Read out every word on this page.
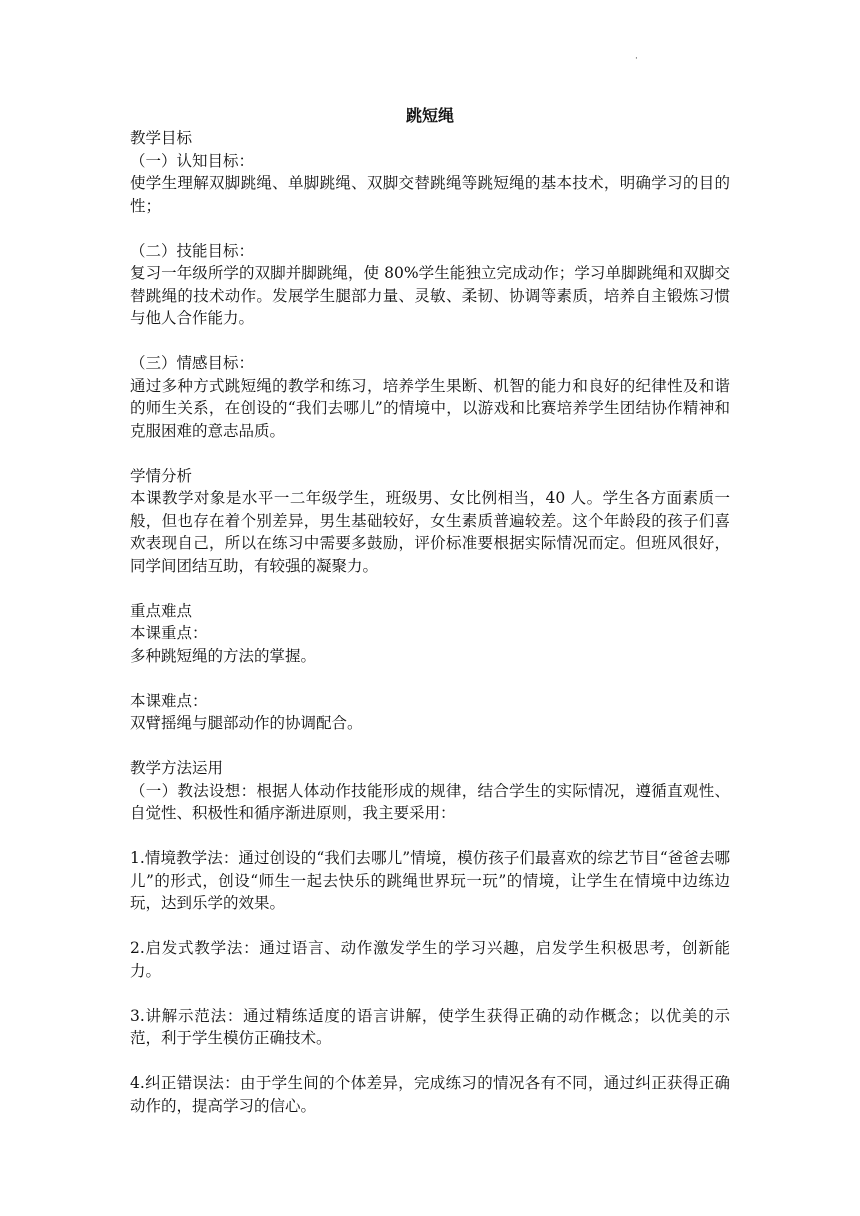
·
跳短绳
教学目标
（一）认知目标：
使学生理解双脚跳绳、单脚跳绳、双脚交替跳绳等跳短绳的基本技术，明确学习的目的性；
（二）技能目标：
复习一年级所学的双脚并脚跳绳，使 80%学生能独立完成动作；学习单脚跳绳和双脚交替跳绳的技术动作。发展学生腿部力量、灵敏、柔韧、协调等素质，培养自主锻炼习惯与他人合作能力。
（三）情感目标：
通过多种方式跳短绳的教学和练习，培养学生果断、机智的能力和良好的纪律性及和谐的师生关系，在创设的“我们去哪儿”的情境中，以游戏和比赛培养学生团结协作精神和克服困难的意志品质。
学情分析
本课教学对象是水平一二年级学生，班级男、女比例相当，40 人。学生各方面素质一般，但也存在着个别差异，男生基础较好，女生素质普遍较差。这个年龄段的孩子们喜欢表现自己，所以在练习中需要多鼓励，评价标准要根据实际情况而定。但班风很好，同学间团结互助，有较强的凝聚力。
重点难点
本课重点：
多种跳短绳的方法的掌握。
本课难点：
双臂摇绳与腿部动作的协调配合。
教学方法运用
（一）教法设想：根据人体动作技能形成的规律，结合学生的实际情况，遵循直观性、自觉性、积极性和循序渐进原则，我主要采用：
1.情境教学法：通过创设的“我们去哪儿”情境，模仿孩子们最喜欢的综艺节目“爸爸去哪儿”的形式，创设“师生一起去快乐的跳绳世界玩一玩”的情境，让学生在情境中边练边玩，达到乐学的效果。
2.启发式教学法：通过语言、动作激发学生的学习兴趣，启发学生积极思考，创新能力。
3.讲解示范法：通过精练适度的语言讲解，使学生获得正确的动作概念；以优美的示范，利于学生模仿正确技术。
4.纠正错误法：由于学生间的个体差异，完成练习的情况各有不同，通过纠正获得正确动作的，提高学习的信心。
